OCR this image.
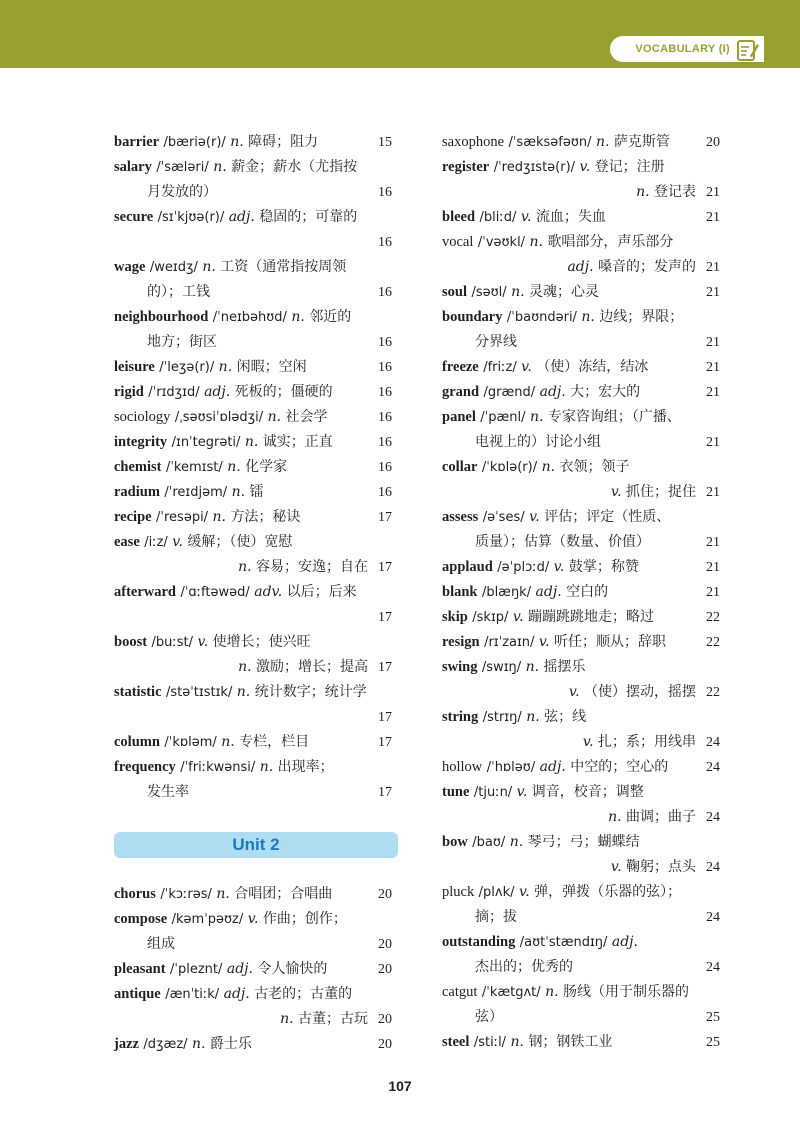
VOCABULARY (I)
barrier /bæriə(r)/ n. 障碍；阻力	15
salary /ˈsæləri/ n. 薪金；薪水（尤指按
月发放的）	16
secure /sɪˈkjʊə(r)/ adj. 稳固的；可靠的
16
wage /weɪdʒ/ n. 工资（通常指按周领
的）；工钱	16
neighbourhood /ˈneɪbəhʊd/ n. 邻近的
地方；街区	16
leisure /ˈleʒə(r)/ n. 闲暇；空闲	16
rigid /ˈrɪdʒɪd/ adj. 死板的；僵硬的	16
sociology /ˌsəʊsiˈɒlədʒi/ n. 社会学	16
integrity /ɪnˈtegrəti/ n. 诚实；正直	16
chemist /ˈkemɪst/ n. 化学家	16
radium /ˈreɪdjəm/ n. 镭	16
recipe /ˈresəpi/ n. 方法；秘诀	17
ease /iːz/ v. 缓解；（使）宽慰
n. 容易；安逸；自在 17
afterward /ˈɑːftəwəd/ adv. 以后；后来
17
boost /buːst/ v. 使增长；使兴旺
n. 激励；增长；提高 17
statistic /stəˈtɪstɪk/ n. 统计数字；统计学
17
column /ˈkɒləm/ n. 专栏，栏目	17
frequency /ˈfriːkwənsi/ n. 出现率；
发生率	17
Unit 2
chorus /ˈkɔːrəs/ n. 合唱团；合唱曲	20
compose /kəmˈpəʊz/ v. 作曲；创作；
组成	20
pleasant /ˈpleznt/ adj. 令人愉快的	20
antique /ænˈtiːk/ adj. 古老的；古董的
n. 古董；古玩 20
jazz /dʒæz/ n. 爵士乐	20
saxophone /ˈsæksəfəʊn/ n. 萨克斯管	20
register /ˈredʒɪstə(r)/ v. 登记；注册
n. 登记表 21
bleed /bliːd/ v. 流血；失血	21
vocal /ˈvəʊkl/ n. 歌唱部分，声乐部分
adj. 嗓音的；发声的 21
soul /səʊl/ n. 灵魂；心灵	21
boundary /ˈbaʊndəri/ n. 边线；界限；
分界线	21
freeze /friːz/ v. （使）冻结，结冰	21
grand /grænd/ adj. 大；宏大的	21
panel /ˈpænl/ n. 专家咨询组；（广播、
电视上的）讨论小组	21
collar /ˈkɒlə(r)/ n. 衣领；领子
v. 抓住；捉住 21
assess /əˈses/ v. 评估；评定（性质、
质量）；估算（数量、价值）	21
applaud /əˈplɔːd/ v. 鼓掌；称赞	21
blank /blæŋk/ adj. 空白的	21
skip /skɪp/ v. 蹦蹦跳跳地走；略过	22
resign /rɪˈzaɪn/ v. 听任；顺从；辞职	22
swing /swɪŋ/ n. 摇摆乐
v. （使）摆动，摇摆 22
string /strɪŋ/ n. 弦；线
v. 扎；系；用线串 24
hollow /ˈhɒləʊ/ adj. 中空的；空心的	24
tune /tjuːn/ v. 调音，校音；调整
n. 曲调；曲子 24
bow /baʊ/ n. 琴弓；弓；蝴蝶结
v. 鞠躬；点头 24
pluck /plʌk/ v. 弹，弹拨（乐器的弦）；
摘；拔	24
outstanding /aʊtˈstændɪŋ/ adj.
杰出的；优秀的	24
catgut /ˈkætgʌt/ n. 肠线（用于制乐器的
弦）	25
steel /stiːl/ n. 钢；钢铁工业	25
107
